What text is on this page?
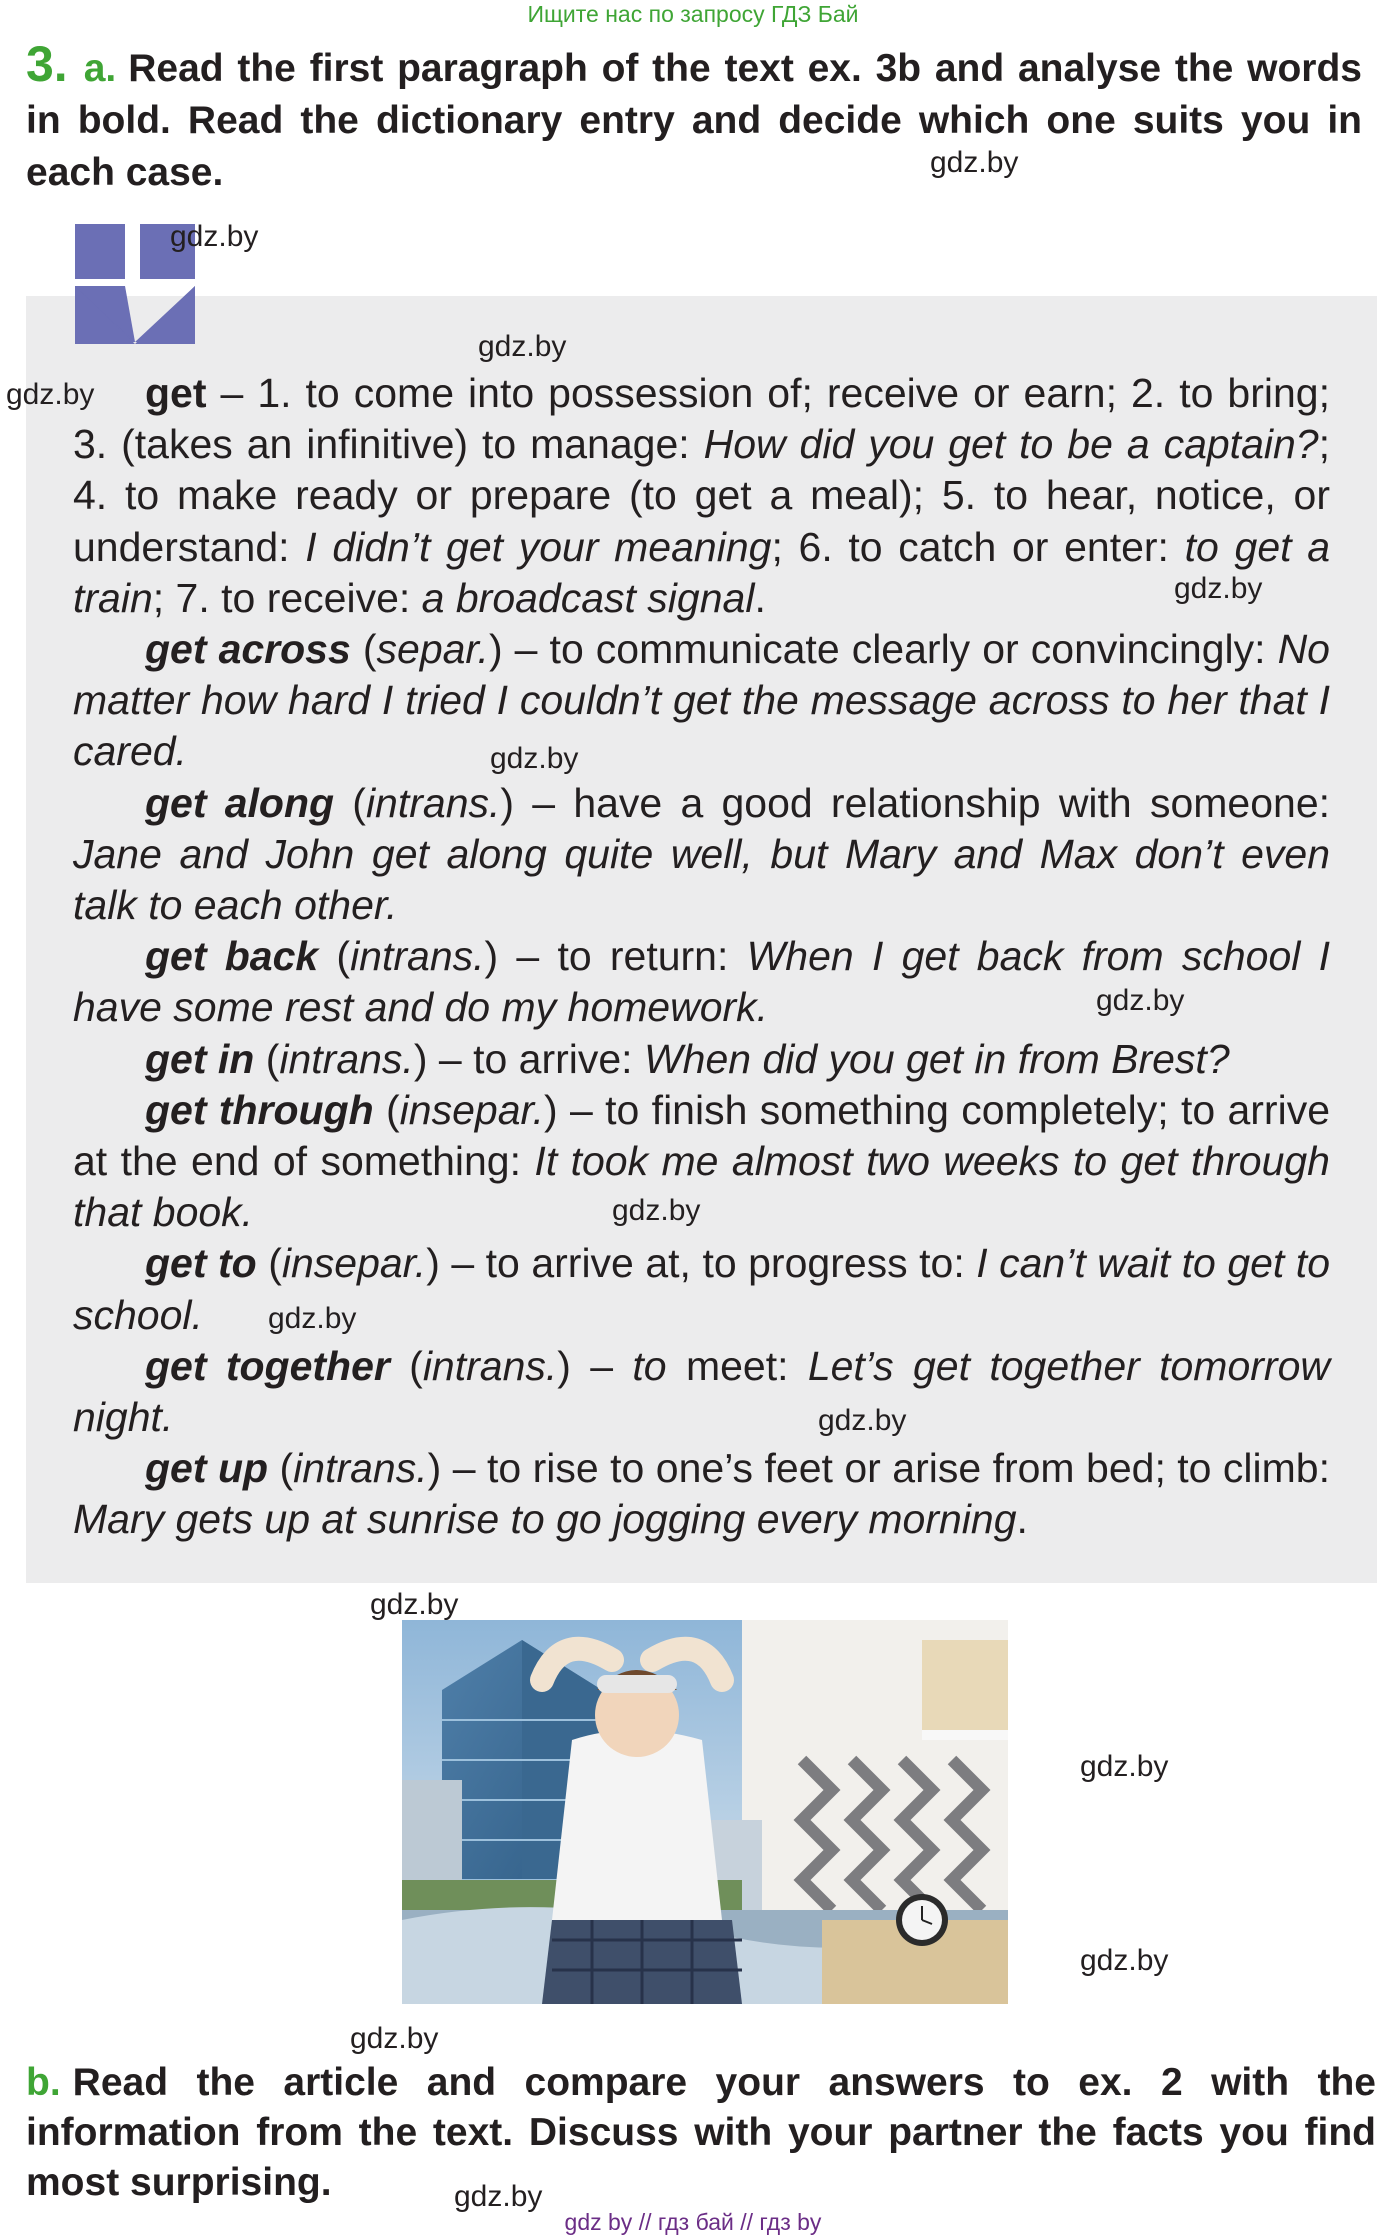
Ищите нас по запросу ГДЗ Бай
3. a. Read the first paragraph of the text ex. 3b and analyse the words in bold. Read the dictionary entry and decide which one suits you in each case.

get – 1. to come into possession of; receive or earn; 2. to bring; 3. (takes an infinitive) to manage: How did you get to be a captain?; 4. to make ready or prepare (to get a meal); 5. to hear, notice, or understand: I didn’t get your meaning; 6. to catch or enter: to get a train; 7. to receive: a broadcast signal.

get across (separ.) – to communicate clearly or convincingly: No matter how hard I tried I couldn’t get the message across to her that I cared.

get along (intrans.) – have a good relationship with someone: Jane and John get along quite well, but Mary and Max don’t even talk to each other.

get back (intrans.) – to return: When I get back from school I have some rest and do my homework.

get in (intrans.) – to arrive: When did you get in from Brest?

get through (insepar.) – to finish something completely; to arrive at the end of something: It took me almost two weeks to get through that book.

get to (insepar.) – to arrive at, to progress to: I can’t wait to get to school.

get together (intrans.) – to meet: Let’s get together tomorrow night.

get up (intrans.) – to rise to one’s feet or arise from bed; to climb: Mary gets up at sunrise to go jogging every morning.

b. Read the article and compare your answers to ex. 2 with the information from the text. Discuss with your partner the facts you find most surprising.
gdz.by
gdz.by
gdz.by
gdz.by
gdz.by
gdz.by
gdz.by
gdz.by
gdz.by
gdz.by
gdz.by
gdz.by
gdz.by
gdz.by
gdz.by
gdz by // гдз бай // гдз by
